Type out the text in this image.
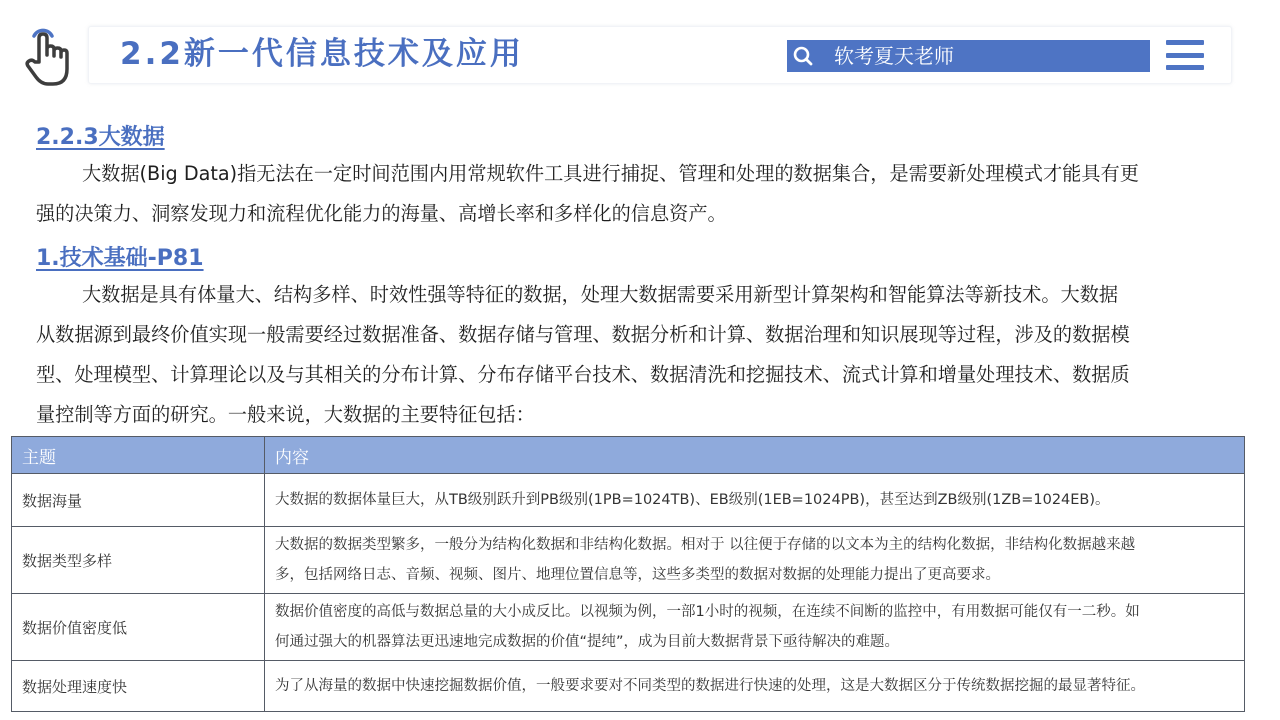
2.2新一代信息技术及应用	软考夏天老师
2.2.3大数据
大数据(Big Data)指无法在一定时间范围内用常规软件工具进行捕捉、管理和处理的数据集合，是需要新处理模式才能具有更
强的决策力、洞察发现力和流程优化能力的海量、高增长率和多样化的信息资产。
1.技术基础-P81
大数据是具有体量大、结构多样、时效性强等特征的数据，处理大数据需要采用新型计算架构和智能算法等新技术。大数据
从数据源到最终价值实现一般需要经过数据准备、数据存储与管理、数据分析和计算、数据治理和知识展现等过程，涉及的数据模
型、处理模型、计算理论以及与其相关的分布计算、分布存储平台技术、数据清洗和挖掘技术、流式计算和增量处理技术、数据质
量控制等方面的研究。一般来说，大数据的主要特征包括：
主题	内容
数据海量	大数据的数据体量巨大，从TB级别跃升到PB级别(1PB=1024TB)、EB级别(1EB=1024PB)，甚至达到ZB级别(1ZB=1024EB)。

数据类型多样	大数据的数据类型繁多，一般分为结构化数据和非结构化数据。相对于 以往便于存储的以文本为主的结构化数据，非结构化数据越来越
多，包括网络日志、音频、视频、图片、地理位置信息等，这些多类型的数据对数据的处理能力提出了更高要求。

数据价值密度低	数据价值密度的高低与数据总量的大小成反比。以视频为例，一部1小时的视频，在连续不间断的监控中，有用数据可能仅有一二秒。如
何通过强大的机器算法更迅速地完成数据的价值“提纯”，成为目前大数据背景下亟待解决的难题。

数据处理速度快	为了从海量的数据中快速挖掘数据价值，一般要求要对不同类型的数据进行快速的处理，这是大数据区分于传统数据挖掘的最显著特征。
